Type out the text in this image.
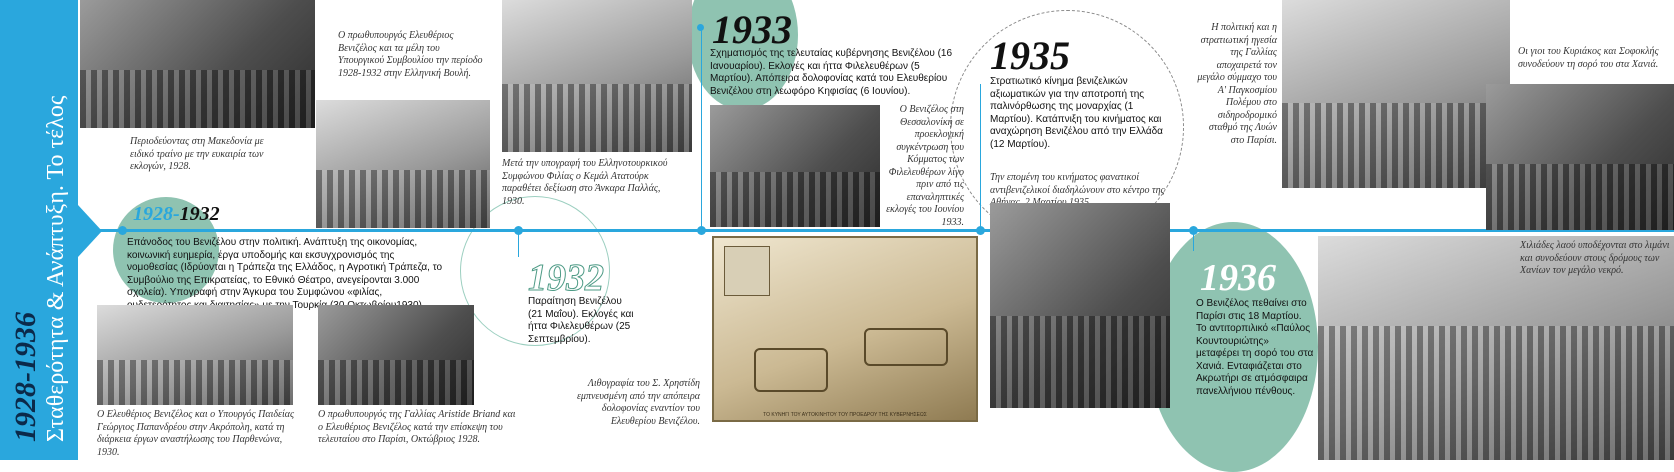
1928-1936 Σταθερότητα & Ανάπτυξη. Το τέλος	Περιοδεύοντας στη Μακεδονία με ειδικό τραίνο με την ευκαιρία των εκλογών, 1928.
Ο πρωθυπουργός Ελευθέριος Βενιζέλος και τα μέλη του Υπουργικού Συμβουλίου την περίοδο 1928-1932 στην Ελληνική Βουλή.
1928-1932
Επάνοδος του Βενιζέλου στην πολιτική. Ανάπτυξη της οικονομίας, κοινωνική ευημερία, έργα υποδομής και εκσυγχρονισμός της νομοθεσίας (Ιδρύονται η Τράπεζα της Ελλάδος, η Αγροτική Τράπεζα, το Συμβούλιο της Επικρατείας, το Εθνικό Θέατρο, ανεγείρονται 3.000 σχολεία). Υπογραφή στην Άγκυρα του Συμφώνου «φιλίας, Τουρκία
Ο Ελευθέριος Βενιζέλος και ο Υπουργός Παιδείας Γεώργιος Παπανδρέου στην Ακρόπολη, κατά τη διάρκεια έργων αναστήλωσης του Παρθενώνα, 1930.
Ο πρωθυπουργός της Γαλλίας Aristide Briand και ο Ελευθέριος Βενιζέλος κατά την επίσκεψη του τελευταίου στο Παρίσι, Οκτώβριος 1928.
Μετά την υπογραφή του Ελληνοτουρκικού Συμφώνου Φιλίας ο Κεμάλ Ατατούρκ παραθέτει δεξίωση στο Άνκαρα Παλλάς, 1930.
1932
Παραίτηση Βενιζέλου (21 Μαΐου). Εκλογές και ήττα Φιλελευθέρων (25 Σεπτεμβρίου).
1933
Σχηματισμός της τελευταίας κυβέρνησης Βενιζέλου (16 Ιανουαρίου). Εκλογές και ήττα Φιλελευθέρων (5 Μαρτίου). Απόπειρα δολοφονίας κατά του Ελευθερίου Βενιζέλου στη λεωφόρο Κηφισίας (6 Ιουνίου).
Ο Βενιζέλος στη Θεσσαλονίκη σε προεκλογική συγκέντρωση του Κόμματος των Φιλελευθέρων λίγο πριν από τις επαναληπτικές εκλογές του Ιουνίου 1933.
ΤΟ ΚΥΝΗΓΙ ΤΟΥ ΑΥΤΟΚΙΝΗΤΟΥ ΤΟΥ ΠΡΟΕΔΡΟΥ ΤΗΣ ΚΥΒΕΡΝΗΣΕΩΣ
Λιθογραφία του Σ. Χρηστίδη εμπνευσμένη από την απόπειρα δολοφονίας εναντίον του Ελευθερίου Βενιζέλου.
1935
Στρατιωτικό κίνημα βενιζελικών αξιωματικών για την αποτροπή της παλινόρθωσης της μοναρχίας (1 Μαρτίου). Κατάπνιξη του κινήματος και αναχώρηση Βενιζέλου από την Ελλάδα (12 Μαρτίου).
Την επομένη του κινήματος φανατικοί αντιβενιζελικοί διαδηλώνουν στο κέντρο της
Η πολιτική και η στρατιωτική ηγεσία της Γαλλίας αποχαιρετά τον μεγάλο σύμμαχο του Α' Παγκοσμίου Πολέμου στο σιδηροδρομικό σταθμό της Λυών στο Παρίσι.
Οι γιοι του Κυριάκος και Σοφοκλής συνοδεύουν τη σορό του στα Χανιά.
1936
Ο Βενιζέλος πεθαίνει στο Παρίσι στις 18 Μαρτίου. Το αντιτορπιλικό «Παύλος Κουντουριώτης» μεταφέρει τη σορό του στα Χανιά. Ενταφιάζεται στο Ακρωτήρι σε ατμόσφαιρα πανελλήνιου πένθους.
Χιλιάδες λαού υποδέχονται στο λιμάνι και συνοδεύουν στους δρόμους των Χανίων τον μεγάλο νεκρό.
